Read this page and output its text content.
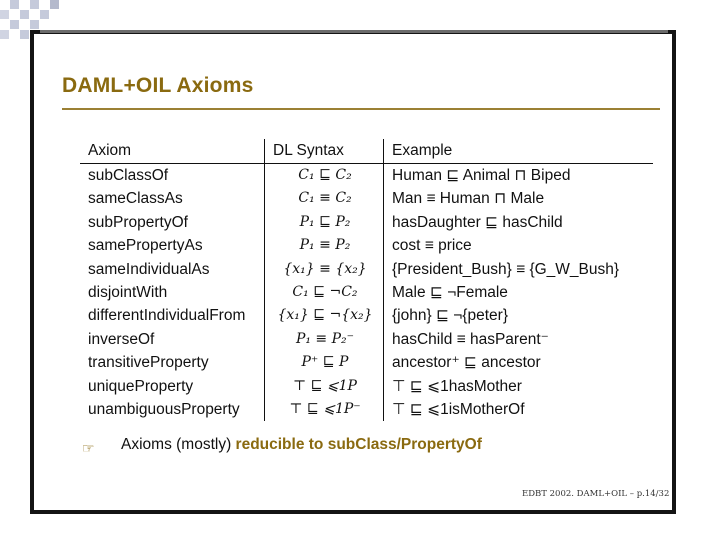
DAML+OIL Axioms
Axiom	DL Syntax	Example
subClassOf	C₁ ⊑ C₂	Human ⊑ Animal ⊓ Biped
sameClassAs	C₁ ≡ C₂	Man ≡ Human ⊓ Male
subPropertyOf	P₁ ⊑ P₂	hasDaughter ⊑ hasChild
samePropertyAs	P₁ ≡ P₂	cost ≡ price
sameIndividualAs	{x₁} ≡ {x₂}	{President_Bush} ≡ {G_W_Bush}
disjointWith	C₁ ⊑ ¬C₂	Male ⊑ ¬Female
differentIndividualFrom	{x₁} ⊑ ¬{x₂}	{john} ⊑ ¬{peter}
inverseOf	P₁ ≡ P₂⁻	hasChild ≡ hasParent⁻
transitiveProperty	P⁺ ⊑ P	ancestor⁺ ⊑ ancestor
uniqueProperty	⊤ ⊑ ⩽1P	⊤ ⊑ ⩽1hasMother
unambiguousProperty	⊤ ⊑ ⩽1P⁻	⊤ ⊑ ⩽1isMotherOf
☞ Axioms (mostly) reducible to subClass/PropertyOf
EDBT 2002. DAML+OIL – p.14/32
